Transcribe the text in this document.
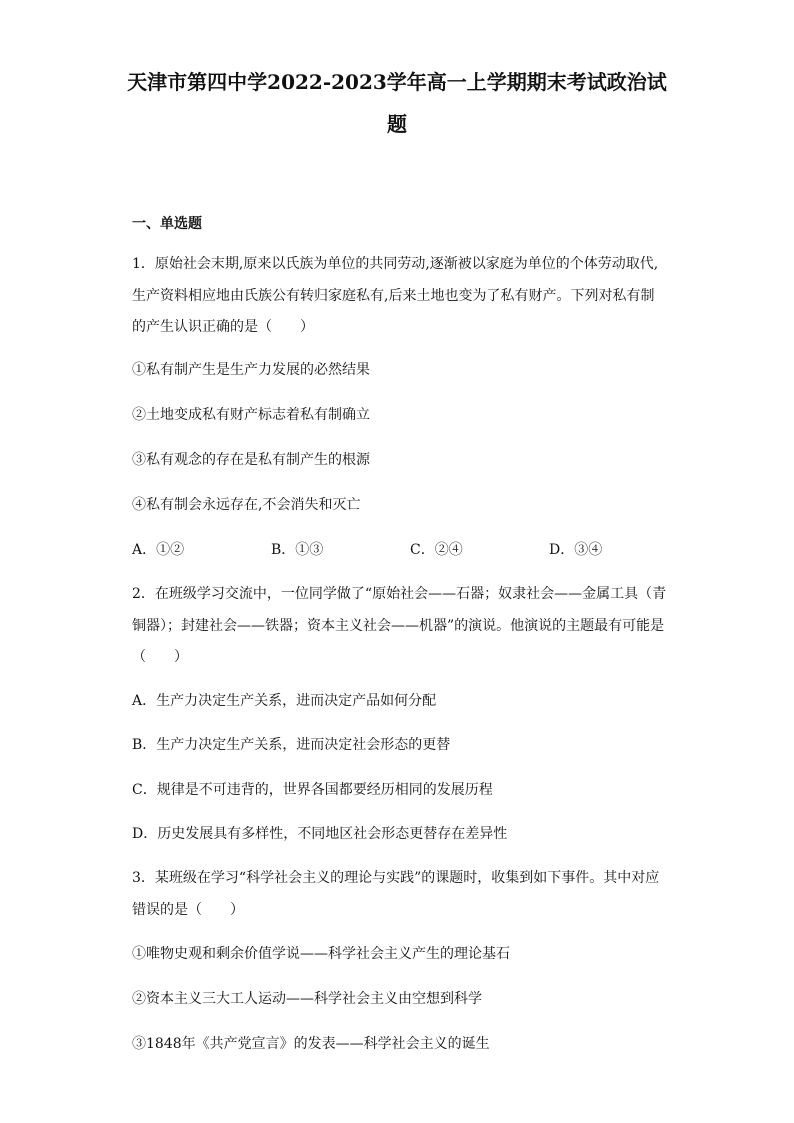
天津市第四中学2022-2023学年高一上学期期末考试政治试
题
一、单选题
1．原始社会末期,原来以氏族为单位的共同劳动,逐渐被以家庭为单位的个体劳动取代,
生产资料相应地由氏族公有转归家庭私有,后来土地也变为了私有财产。下列对私有制
的产生认识正确的是（　　）
①私有制产生是生产力发展的必然结果
②土地变成私有财产标志着私有制确立
③私有观念的存在是私有制产生的根源
④私有制会永远存在,不会消失和灭亡
A．①②	B．①③	C．②④	D．③④
2．在班级学习交流中，一位同学做了“原始社会——石器；奴隶社会——金属工具（青
铜器）；封建社会——铁器；资本主义社会——机器”的演说。他演说的主题最有可能是
（　　）
A．生产力决定生产关系，进而决定产品如何分配
B．生产力决定生产关系，进而决定社会形态的更替
C．规律是不可违背的，世界各国都要经历相同的发展历程
D．历史发展具有多样性，不同地区社会形态更替存在差异性
3．某班级在学习“科学社会主义的理论与实践”的课题时，收集到如下事件。其中对应
错误的是（　　）
①唯物史观和剩余价值学说——科学社会主义产生的理论基石
②资本主义三大工人运动——科学社会主义由空想到科学
③1848年《共产党宣言》的发表——科学社会主义的诞生
